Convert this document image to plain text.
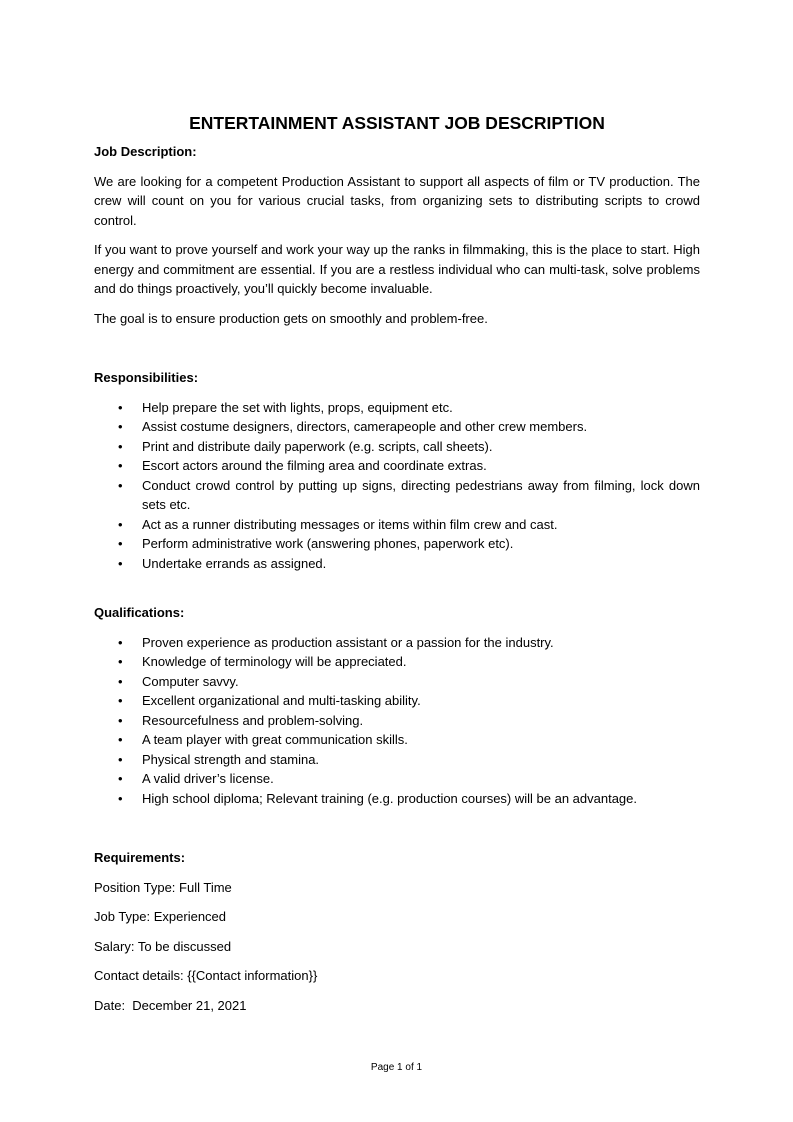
ENTERTAINMENT ASSISTANT JOB DESCRIPTION

Job Description:

We are looking for a competent Production Assistant to support all aspects of film or TV production. The crew will count on you for various crucial tasks, from organizing sets to distributing scripts to crowd control.

If you want to prove yourself and work your way up the ranks in filmmaking, this is the place to start. High energy and commitment are essential. If you are a restless individual who can multi-task, solve problems and do things proactively, you’ll quickly become invaluable.

The goal is to ensure production gets on smoothly and problem-free.

Responsibilities:

• Help prepare the set with lights, props, equipment etc.
• Assist costume designers, directors, camerapeople and other crew members.
• Print and distribute daily paperwork (e.g. scripts, call sheets).
• Escort actors around the filming area and coordinate extras.
• Conduct crowd control by putting up signs, directing pedestrians away from filming, lock down sets etc.
• Act as a runner distributing messages or items within film crew and cast.
• Perform administrative work (answering phones, paperwork etc).
• Undertake errands as assigned.

Qualifications:

• Proven experience as production assistant or a passion for the industry.
• Knowledge of terminology will be appreciated.
• Computer savvy.
• Excellent organizational and multi-tasking ability.
• Resourcefulness and problem-solving.
• A team player with great communication skills.
• Physical strength and stamina.
• A valid driver’s license.
• High school diploma; Relevant training (e.g. production courses) will be an advantage.

Requirements:

Position Type: Full Time

Job Type: Experienced

Salary: To be discussed

Contact details: {{Contact information}}

Date:  December 21, 2021

Page 1 of 1
